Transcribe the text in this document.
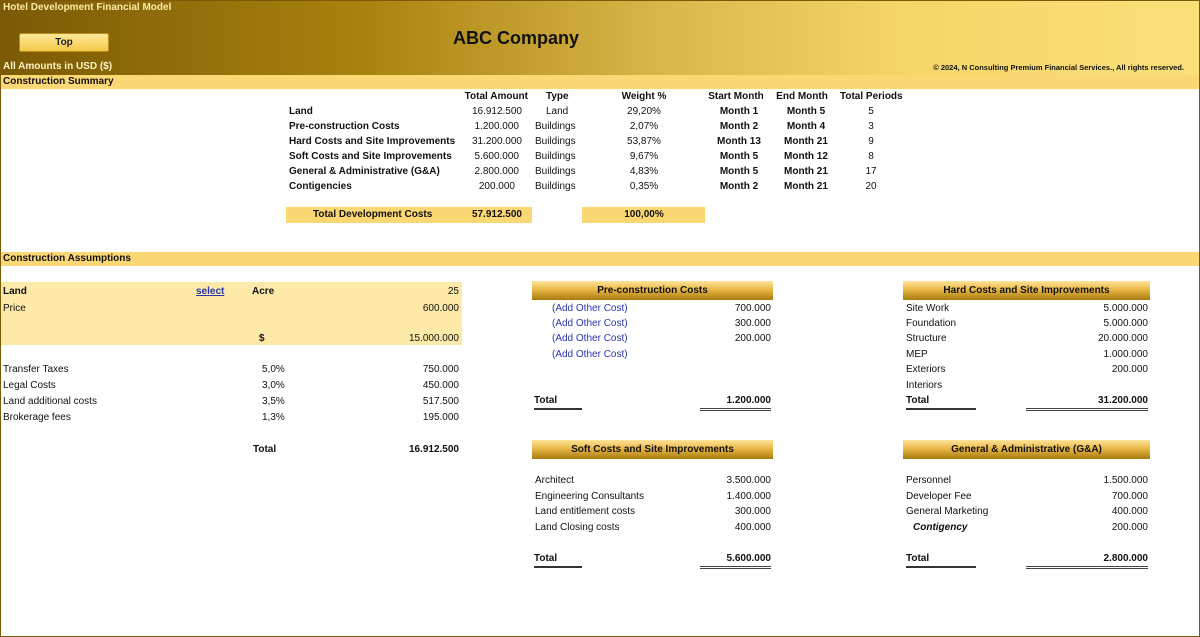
Hotel Development Financial Model
Top	ABC Company
All Amounts in USD ($)	© 2024, N Consulting Premium Financial Services., All rights reserved.
Construction Summary
Total Amount Type	Weight %	Start Month	End Month	Total Periods
Land	16.912.500 Land	29,20%	Month 1	Month 5	5
Pre-construction Costs	1.200.000 Buildings	2,07%	Month 2	Month 4	3
Hard Costs and Site Improvements	31.200.000 Buildings	53,87%	Month 13	Month 21	9
Soft Costs and Site Improvements	5.600.000 Buildings	9,67%	Month 5	Month 12	8
General & Administrative (G&A)	2.800.000 Buildings	4,83%	Month 5	Month 21	17
Contigencies	200.000 Buildings	0,35%	Month 2	Month 21	20
Total Development Costs	57.912.500	100,00%
Construction Assumptions
Land	select	Acre	25
Price	600.000
$	15.000.000
Transfer Taxes	5,0%	750.000
Legal Costs	3,0%	450.000
Land additional costs	3,5%	517.500
Brokerage fees	1,3%	195.000
Total	16.912.500
Pre-construction Costs
(Add Other Cost)	700.000
(Add Other Cost)	300.000
(Add Other Cost)	200.000
(Add Other Cost)
Total	1.200.000
Hard Costs and Site Improvements
Site Work	5.000.000
Foundation	5.000.000
Structure	20.000.000
MEP	1.000.000
Exteriors	200.000
Interiors
Total	31.200.000
Soft Costs and Site Improvements
Architect	3.500.000
Engineering Consultants	1.400.000
Land entitlement costs	300.000
Land Closing costs	400.000
Total	5.600.000
General & Administrative (G&A)
Personnel	1.500.000
Developer Fee	700.000
General Marketing	400.000
Contigency	200.000
Total	2.800.000
